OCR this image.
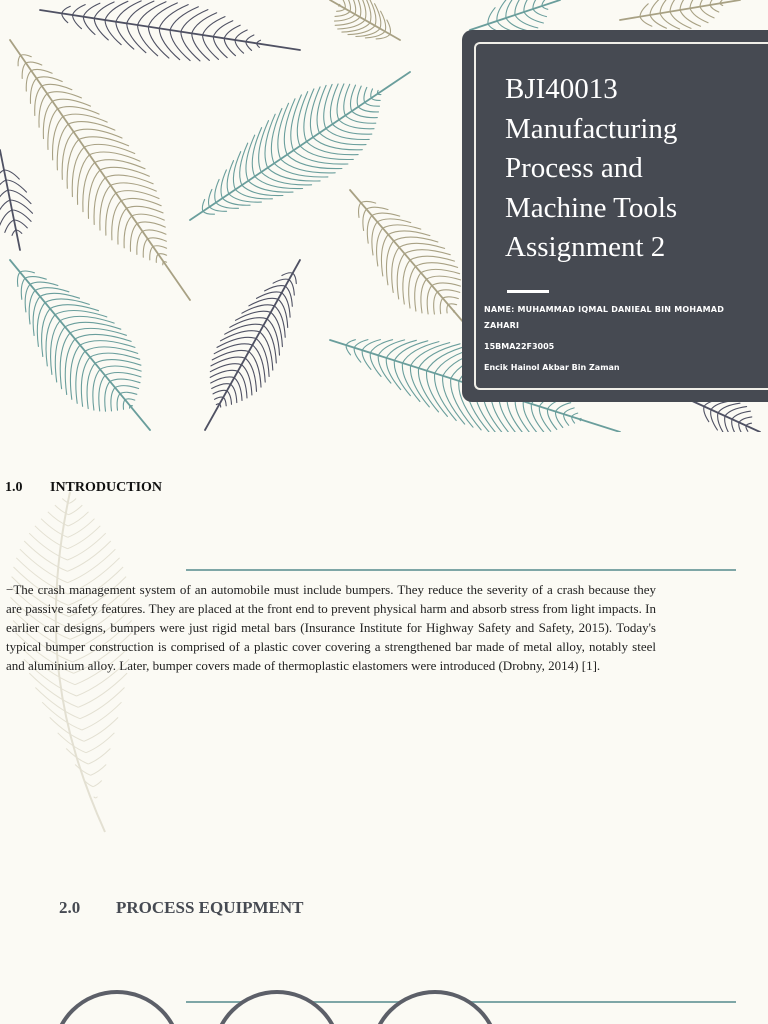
BJI40013
Manufacturing
Process and
Machine Tools
Assignment 2

NAME: MUHAMMAD IQMAL DANIEAL BIN MOHAMAD ZAHARI

15BMA22F3005

Encik Hainol Akbar Bin Zaman

1.0 INTRODUCTION

−The crash management system of an automobile must include bumpers. They reduce the severity of a crash because they are passive safety features. They are placed at the front end to prevent physical harm and absorb stress from light impacts. In earlier car designs, bumpers were just rigid metal bars (Insurance Institute for Highway Safety and Safety, 2015). Today's typical bumper construction is comprised of a plastic cover covering a strengthened bar made of metal alloy, notably steel and aluminium alloy. Later, bumper covers made of thermoplastic elastomers were introduced (Drobny, 2014) [1].

2.0 PROCESS EQUIPMENT
